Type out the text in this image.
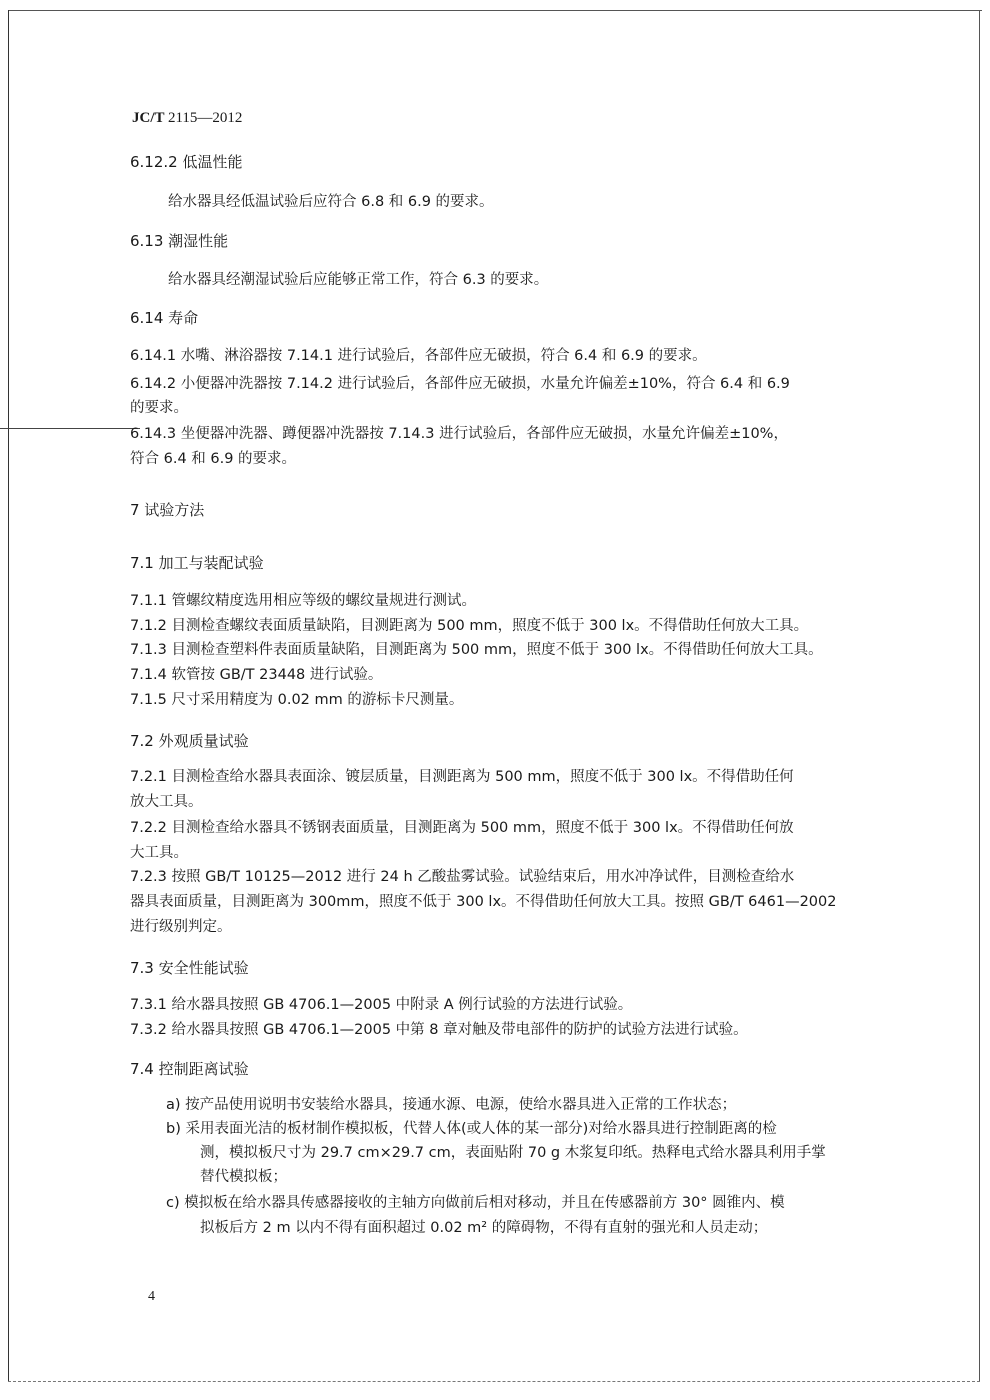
JC/T 2115—2012
6.12.2 低温性能
给水器具经低温试验后应符合 6.8 和 6.9 的要求。
6.13 潮湿性能
给水器具经潮湿试验后应能够正常工作，符合 6.3 的要求。
6.14 寿命
6.14.1 水嘴、淋浴器按 7.14.1 进行试验后，各部件应无破损，符合 6.4 和 6.9 的要求。
6.14.2 小便器冲洗器按 7.14.2 进行试验后，各部件应无破损，水量允许偏差±10%，符合 6.4 和 6.9
的要求。
6.14.3 坐便器冲洗器、蹲便器冲洗器按 7.14.3 进行试验后，各部件应无破损，水量允许偏差±10%，
符合 6.4 和 6.9 的要求。
7 试验方法
7.1 加工与装配试验
7.1.1 管螺纹精度选用相应等级的螺纹量规进行测试。
7.1.2 目测检查螺纹表面质量缺陷，目测距离为 500 mm，照度不低于 300 lx。不得借助任何放大工具。
7.1.3 目测检查塑料件表面质量缺陷，目测距离为 500 mm，照度不低于 300 lx。不得借助任何放大工具。
7.1.4 软管按 GB/T 23448 进行试验。
7.1.5 尺寸采用精度为 0.02 mm 的游标卡尺测量。
7.2 外观质量试验
7.2.1 目测检查给水器具表面涂、镀层质量，目测距离为 500 mm，照度不低于 300 lx。不得借助任何
放大工具。
7.2.2 目测检查给水器具不锈钢表面质量，目测距离为 500 mm，照度不低于 300 lx。不得借助任何放
大工具。
7.2.3 按照 GB/T 10125—2012 进行 24 h 乙酸盐雾试验。试验结束后，用水冲净试件，目测检查给水
器具表面质量，目测距离为 300mm，照度不低于 300 lx。不得借助任何放大工具。按照 GB/T 6461—2002
进行级别判定。
7.3 安全性能试验
7.3.1 给水器具按照 GB 4706.1—2005 中附录 A 例行试验的方法进行试验。
7.3.2 给水器具按照 GB 4706.1—2005 中第 8 章对触及带电部件的防护的试验方法进行试验。
7.4 控制距离试验
a) 按产品使用说明书安装给水器具，接通水源、电源，使给水器具进入正常的工作状态；
b) 采用表面光洁的板材制作模拟板，代替人体(或人体的某一部分)对给水器具进行控制距离的检
测，模拟板尺寸为 29.7 cm×29.7 cm，表面贴附 70 g 木浆复印纸。热释电式给水器具利用手掌
替代模拟板；
c) 模拟板在给水器具传感器接收的主轴方向做前后相对移动，并且在传感器前方 30° 圆锥内、模
拟板后方 2 m 以内不得有面积超过 0.02 m² 的障碍物，不得有直射的强光和人员走动；
4
